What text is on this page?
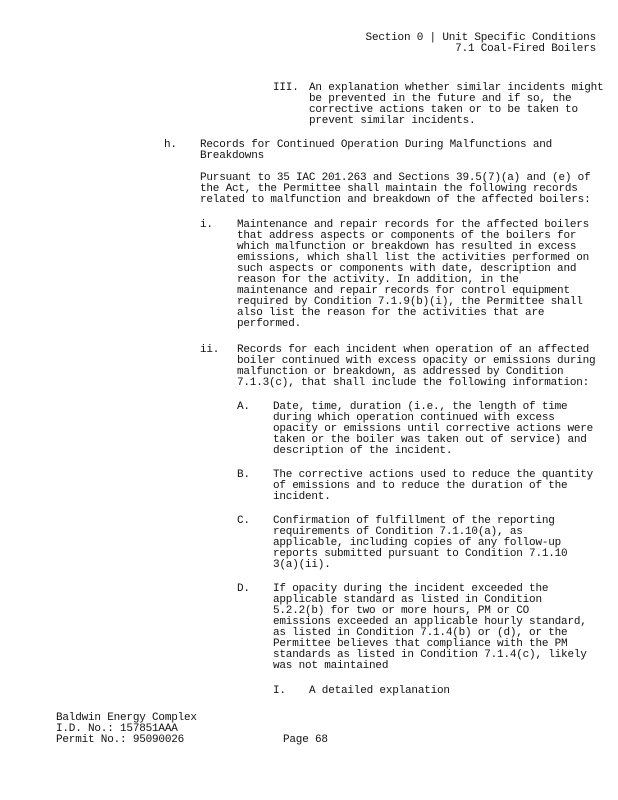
Section 0 | Unit Specific Conditions
7.1 Coal-Fired Boilers
III. An explanation whether similar incidents might
be prevented in the future and if so, the
corrective actions taken or to be taken to
prevent similar incidents.
h. Records for Continued Operation During Malfunctions and
Breakdowns
Pursuant to 35 IAC 201.263 and Sections 39.5(7)(a) and (e) of
the Act, the Permittee shall maintain the following records
related to malfunction and breakdown of the affected boilers:
i. Maintenance and repair records for the affected boilers
that address aspects or components of the boilers for
which malfunction or breakdown has resulted in excess
emissions, which shall list the activities performed on
such aspects or components with date, description and
reason for the activity. In addition, in the
maintenance and repair records for control equipment
required by Condition 7.1.9(b)(i), the Permittee shall
also list the reason for the activities that are
performed.
ii. Records for each incident when operation of an affected
boiler continued with excess opacity or emissions during
malfunction or breakdown, as addressed by Condition
7.1.3(c), that shall include the following information:
A. Date, time, duration (i.e., the length of time
during which operation continued with excess
opacity or emissions until corrective actions were
taken or the boiler was taken out of service) and
description of the incident.
B. The corrective actions used to reduce the quantity
of emissions and to reduce the duration of the
incident.
C. Confirmation of fulfillment of the reporting
requirements of Condition 7.1.10(a), as
applicable, including copies of any follow-up
reports submitted pursuant to Condition 7.1.10
3(a)(ii).
D. If opacity during the incident exceeded the
applicable standard as listed in Condition
5.2.2(b) for two or more hours, PM or CO
emissions exceeded an applicable hourly standard,
as listed in Condition 7.1.4(b) or (d), or the
Permittee believes that compliance with the PM
standards as listed in Condition 7.1.4(c), likely
was not maintained
I. A detailed explanation
Baldwin Energy Complex
I.D. No.: 157851AAA
Permit No.: 95090026	Page 68
